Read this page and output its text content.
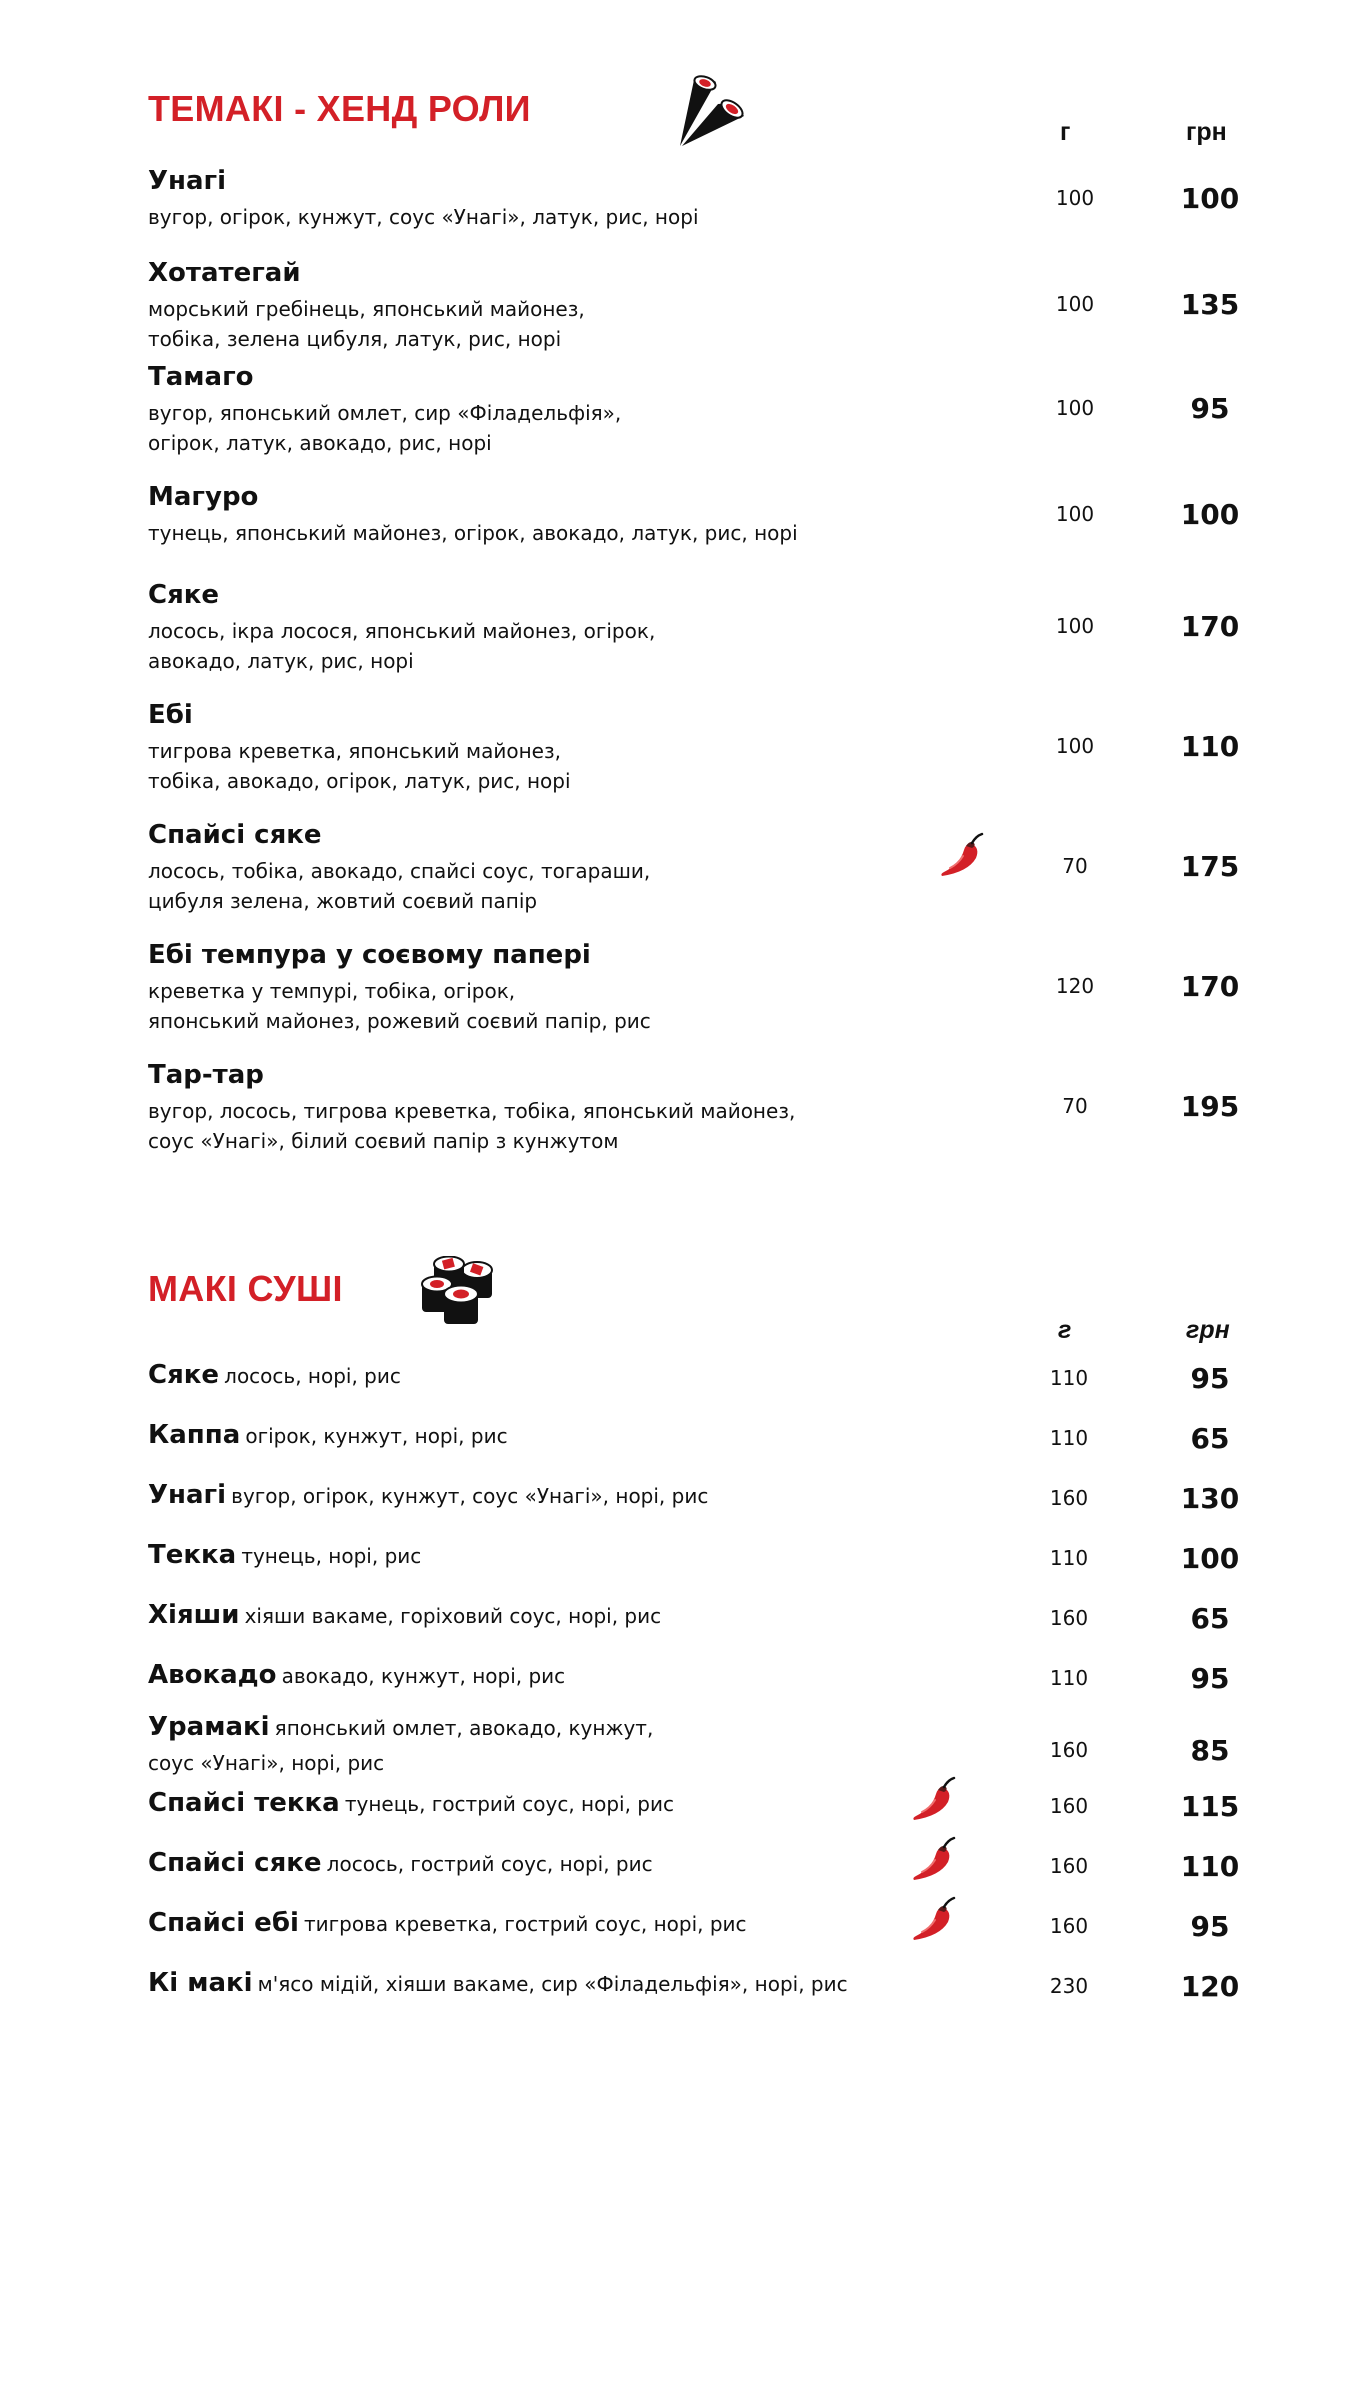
ТЕМАКІ - ХЕНД РОЛИ
г	грн
Унагі
вугор, огірок, кунжут, соус «Унагі», латук, рис, норі
100	100
Хотатегай
морський гребінець, японський майонез,
тобіка, зелена цибуля, латук, рис, норі
100	135
Тамаго
вугор, японський омлет, сир «Філадельфія»,
огірок, латук, авокадо, рис, норі
100	95
Магуро
тунець, японський майонез, огірок, авокадо, латук, рис, норі
100	100
Сяке
лосось, ікра лосося, японський майонез, огірок,
авокадо, латук, рис, норі
100	170
Ебі
тигрова креветка, японський майонез,
тобіка, авокадо, огірок, латук, рис, норі
100	110
Спайсі сяке
лосось, тобіка, авокадо, спайсі соус, тогараши,
цибуля зелена, жовтий соєвий папір
70	175
Ебі темпура у соєвому папері
креветка у темпурі, тобіка, огірок,
японський майонез, рожевий соєвий папір, рис
120	170
Тар-тар
вугор, лосось, тигрова креветка, тобіка, японський майонез,
соус «Унагі», білий соєвий папір з кунжутом
70	195
МАКІ СУШІ
г	грн
Сяке лосось, норі, рис	110	95
Каппа огірок, кунжут, норі, рис	110	65
Унагі вугор, огірок, кунжут, соус «Унагі», норі, рис	160	130
Текка тунець, норі, рис	110	100
Хіяши хіяши вакаме, горіховий соус, норі, рис	160	65
Авокадо авокадо, кунжут, норі, рис	110	95
Урамакі японський омлет, авокадо, кунжут,
соус «Унагі», норі, рис
160	85
Спайсі текка тунець, гострий соус, норі, рис	160	115
Спайсі сяке лосось, гострий соус, норі, рис	160	110
Спайсі ебі тигрова креветка, гострий соус, норі, рис	160	95
Кі макі м'ясо мідій, хіяши вакаме, сир «Філадельфія», норі, рис	230	120
